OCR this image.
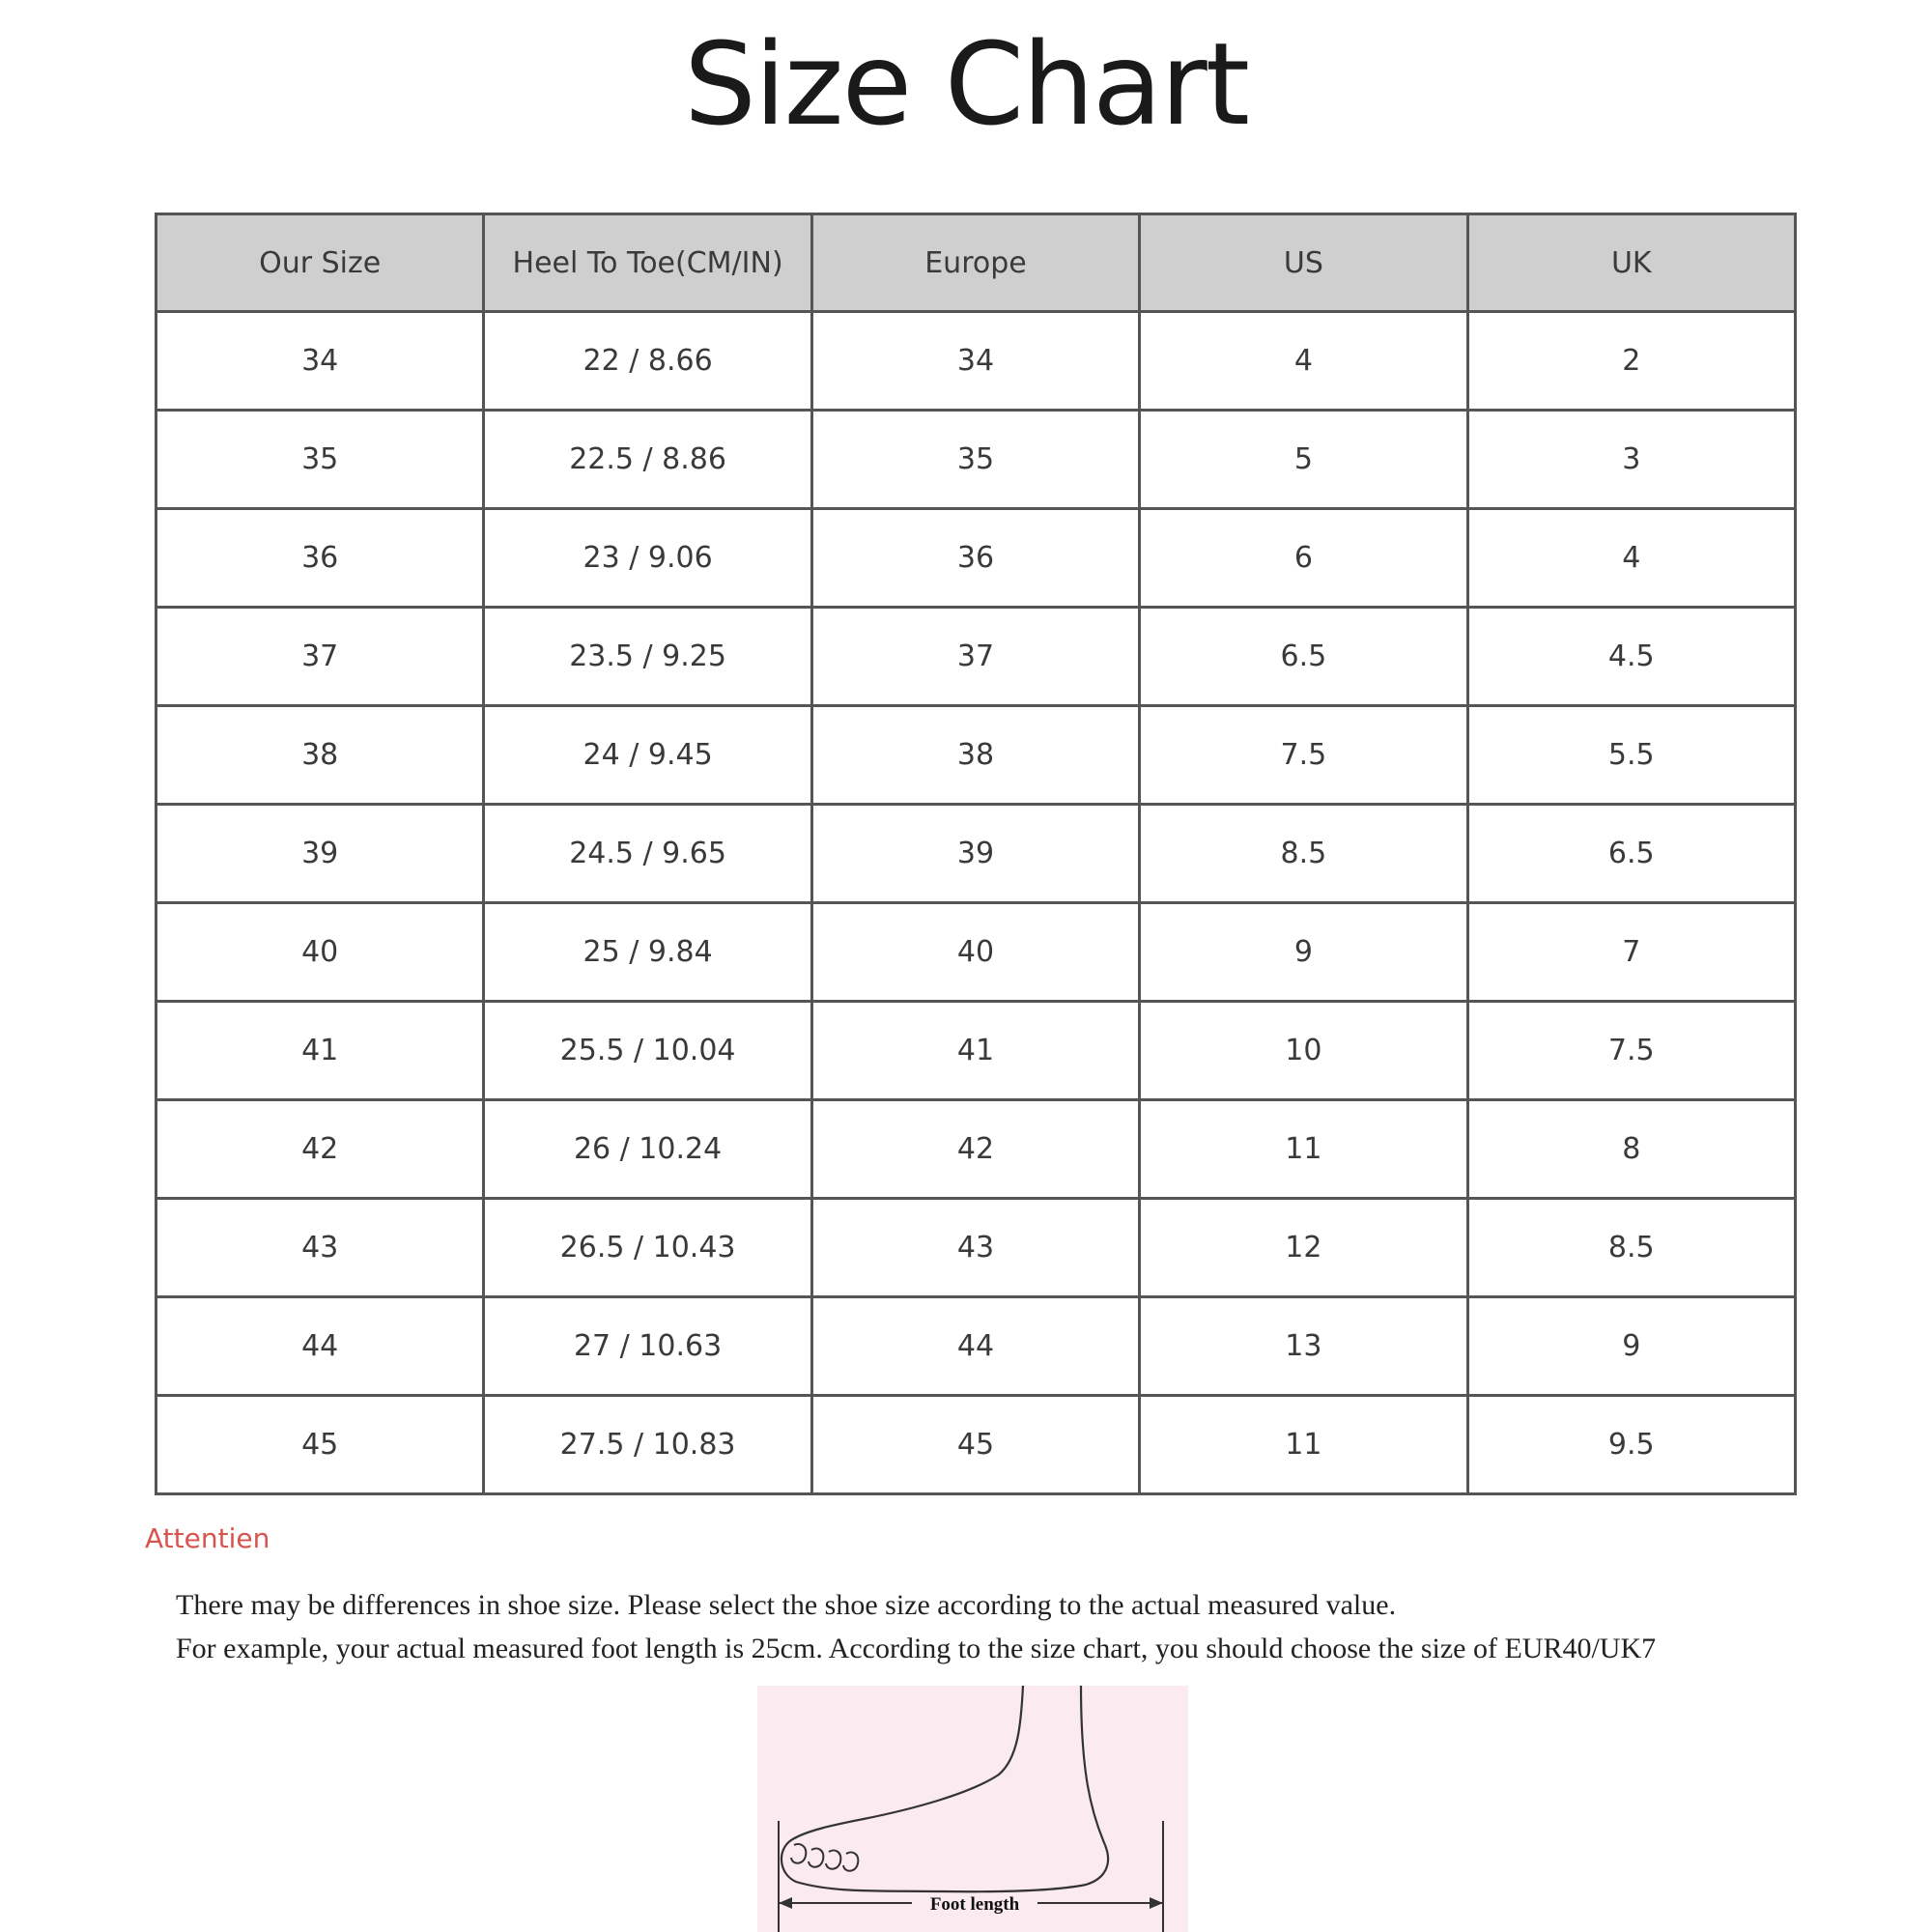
Size Chart
Our Size	Heel To Toe(CM/IN)	Europe	US	UK
34	22 / 8.66	34	4	2
35	22.5 / 8.86	35	5	3
36	23 / 9.06	36	6	4
37	23.5 / 9.25	37	6.5	4.5
38	24 / 9.45	38	7.5	5.5
39	24.5 / 9.65	39	8.5	6.5
40	25 / 9.84	40	9	7
41	25.5 / 10.04	41	10	7.5
42	26 / 10.24	42	11	8
43	26.5 / 10.43	43	12	8.5
44	27 / 10.63	44	13	9
45	27.5 / 10.83	45	11	9.5
Attentien
There may be differences in shoe size. Please select the shoe size according to the actual measured value.
For example, your actual measured foot length is 25cm. According to the size chart, you should choose the size of EUR40/UK7
Foot length
